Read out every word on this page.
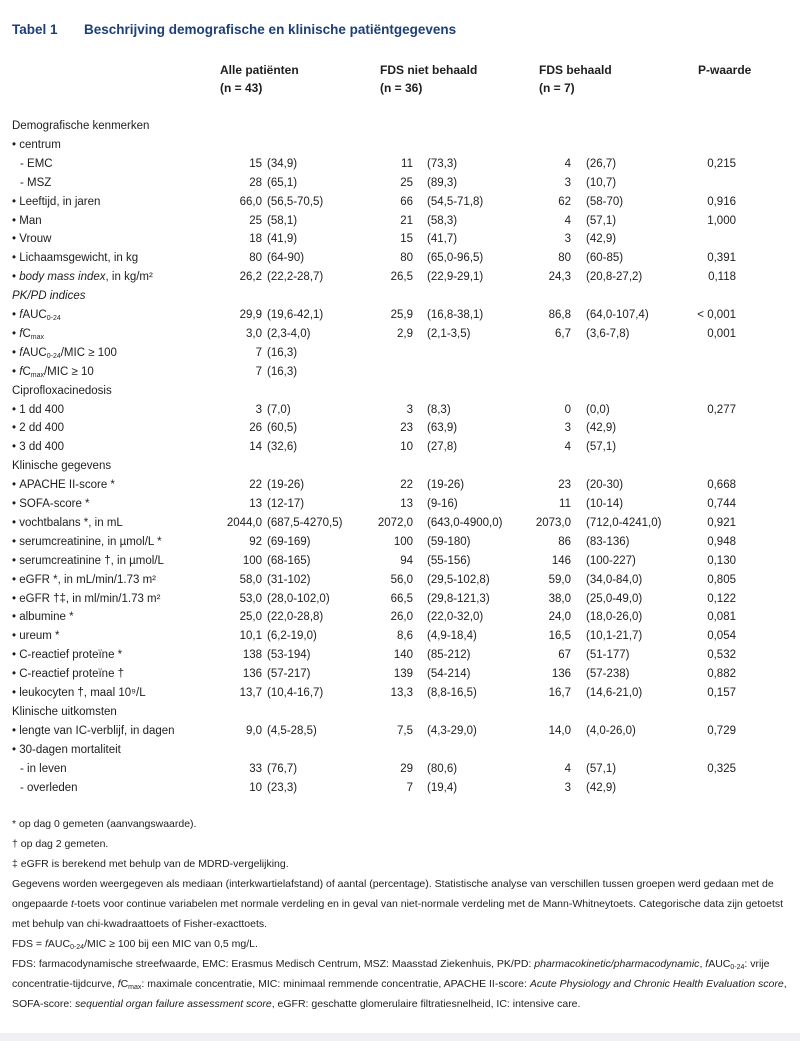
Tabel 1 Beschrijving demografische en klinische patiëntgegevens
Alle patiënten
(n = 43)
FDS niet behaald
(n = 36)
FDS behaald
(n = 7)
P-waarde
Demografische kenmerken
• centrum
- EMC	15 (34,9)	11 (73,3)	4 (26,7)	0,215
- MSZ	28 (65,1)	25 (89,3)	3 (10,7)
• Leeftijd, in jaren	66,0 (56,5-70,5)	66 (54,5-71,8)	62 (58-70)	0,916
• Man	25 (58,1)	21 (58,3)	4 (57,1)	1,000
• Vrouw	18 (41,9)	15 (41,7)	3 (42,9)
• Lichaamsgewicht, in kg	80 (64-90)	80 (65,0-96,5)	80 (60-85)	0,391
• body mass index, in kg/m²	26,2 (22,2-28,7)	26,5 (22,9-29,1)	24,3 (20,8-27,2)	0,118
PK/PD indices
• fAUC$_{0-24}$	29,9 (19,6-42,1)	25,9 (16,8-38,1)	86,8 (64,0-107,4)	< 0,001
• $fC_{max}$	3,0 (2,3-4,0)	2,9 (2,1-3,5)	6,7 (3,6-7,8)	0,001
• fAUC$_{0-24}$/MIC ≥ 100	7 (16,3)
• $fC_{max}$/MIC ≥ 10	7 (16,3)
Ciprofloxacinedosis
• 1 dd 400	3 (7,0)	3 (8,3)	0 (0,0)	0,277
• 2 dd 400	26 (60,5)	23 (63,9)	3 (42,9)
• 3 dd 400	14 (32,6)	10 (27,8)	4 (57,1)
Klinische gegevens
• APACHE II-score *	22 (19-26)	22 (19-26)	23 (20-30)	0,668
• SOFA-score *	13 (12-17)	13 (9-16)	11 (10-14)	0,744
• vochtbalans *, in mL	2044,0 (687,5-4270,5)	2072,0 (643,0-4900,0)	2073,0 (712,0-4241,0)	0,921
• serumcreatinine, in µmol/L *	92 (69-169)	100 (59-180)	86 (83-136)	0,948
• serumcreatinine †, in µmol/L	100 (68-165)	94 (55-156)	146 (100-227)	0,130
• eGFR *, in mL/min/1.73 m²	58,0 (31-102)	56,0 (29,5-102,8)	59,0 (34,0-84,0)	0,805
• eGFR †‡, in ml/min/1.73 m²	53,0 (28,0-102,0)	66,5 (29,8-121,3)	38,0 (25,0-49,0)	0,122
• albumine *	25,0 (22,0-28,8)	26,0 (22,0-32,0)	24,0 (18,0-26,0)	0,081
• ureum *	10,1 (6,2-19,0)	8,6 (4,9-18,4)	16,5 (10,1-21,7)	0,054
• C-reactief proteïne *	138 (53-194)	140 (85-212)	67 (51-177)	0,532
• C-reactief proteïne †	136 (57-217)	139 (54-214)	136 (57-238)	0,882
• leukocyten †, maal 10⁹/L	13,7 (10,4-16,7)	13,3 (8,8-16,5)	16,7 (14,6-21,0)	0,157
Klinische uitkomsten
• lengte van IC-verblijf, in dagen	9,0 (4,5-28,5)	7,5 (4,3-29,0)	14,0 (4,0-26,0)	0,729
• 30-dagen mortaliteit
- in leven	33 (76,7)	29 (80,6)	4 (57,1)	0,325
- overleden	10 (23,3)	7 (19,4)	3 (42,9)

* op dag 0 gemeten (aanvangswaarde).

† op dag 2 gemeten.

‡ eGFR is berekend met behulp van de MDRD-vergelijking.

Gegevens worden weergegeven als mediaan (interkwartielafstand) of aantal (percentage). Statistische analyse van verschillen tussen groepen werd gedaan met de ongepaarde t-toets voor continue variabelen met normale verdeling en in geval van niet-normale verdeling met de Mann-Whitneytoets. Categorische data zijn getoetst met behulp van chi-kwadraattoets of Fisher-exacttoets.

FDS = fAUC$_{0-24}$/MIC ≥ 100 bij een MIC van 0,5 mg/L.

FDS: farmacodynamische streefwaarde, EMC: Erasmus Medisch Centrum, MSZ: Maasstad Ziekenhuis, PK/PD: pharmacokinetic/pharmacodynamic, fAUC$_{0-24}$: vrije concentratie-tijdcurve, $fC_{max}$: maximale concentratie, MIC: minimaal remmende concentratie, APACHE II-score: Acute Physiology and Chronic Health Evaluation score, SOFA-score: sequential organ failure assessment score, eGFR: geschatte glomerulaire filtratiesnelheid, IC: intensive care.
